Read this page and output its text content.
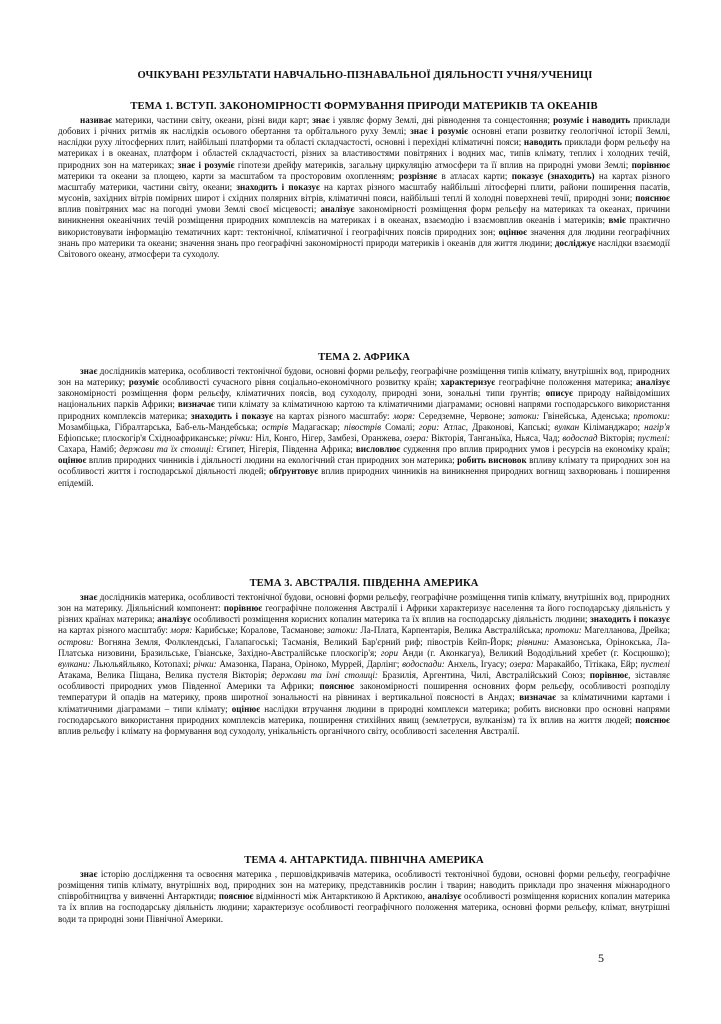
ОЧІКУВАНІ РЕЗУЛЬТАТИ НАВЧАЛЬНО-ПІЗНАВАЛЬНОЇ ДІЯЛЬНОСТІ УЧНЯ/УЧЕНИЦІ
ТЕМА 1. ВСТУП. ЗАКОНОМІРНОСТІ ФОРМУВАННЯ ПРИРОДИ МАТЕРИКІВ ТА ОКЕАНІВ

називає материки, частини світу, океани, різні види карт; знає і уявляє форму Землі, дні рівнодення та сонцестояння; розуміє і наводить приклади добових і річних ритмів як наслідків осьового обертання та орбітального руху Землі; знає і розуміє основні етапи розвитку геологічної історії Землі, наслідки руху літосферних плит, найбільші платформи та області складчастості, основні і перехідні кліматичні пояси; наводить приклади форм рельєфу на материках і в океанах, платформ і областей складчастості, різних за властивостями повітряних і водних мас, типів клімату, теплих і холодних течій, природних зон на материках; знає і розуміє гіпотези дрейфу материків, загальну циркуляцію атмосфери та її вплив на природні умови Землі; порівнює материки та океани за площею, карти за масштабом та просторовим охопленням; розрізняє в атласах карти; показує (знаходить) на картах різного масштабу материки, частини світу, океани; знаходить і показує на картах різного масштабу найбільші літосферні плити, райони поширення пасатів, мусонів, західних вітрів помірних широт і східних полярних вітрів, кліматичні пояси, найбільші теплі й холодні поверхневі течії, природні зони; пояснює вплив повітряних мас на погодні умови Землі своєї місцевості; аналізує закономірності розміщення форм рельєфу на материках та океанах, причини виникнення океанічних течій розміщення природних комплексів на материках і в океанах, взаємодію і взаємовплив океанів і материків; вміє практично використовувати інформацію тематичних карт: тектонічної, кліматичної і географічних поясів природних зон; оцінює значення для людини географічних знань про материки та океани; значення знань про географічні закономірності природи материків і океанів для життя людини; досліджує наслідки взаємодії Світового океану, атмосфери та суходолу.

ТЕМА 2. АФРИКА

знає дослідників материка, особливості тектонічної будови, основні форми рельєфу, географічне розміщення типів клімату, внутрішніх вод, природних зон на материку; розуміє особливості сучасного рівня соціально-економічного розвитку країн; характеризує географічне положення материка; аналізує закономірності розміщення форм рельєфу, кліматичних поясів, вод суходолу, природні зони, зональні типи ґрунтів; описує природу найвідоміших національних парків Африки; визначає типи клімату за кліматичною картою та кліматичними діаграмами; основні напрями господарського використання природних комплексів материка; знаходить і показує на картах різного масштабу: моря: Середземне, Червоне; затоки: Гвінейська, Аденська; протоки: Мозамбіцька, Гібралтарська, Баб-ель-Мандебська; острів Мадагаскар; півострів Сомалі; гори: Атлас, Драконові, Капські; вулкан Кіліманджаро; нагір'я Ефіопське; плоскогір'я Східноафриканське; річки: Ніл, Конго, Нігер, Замбезі, Оранжева, озера: Вікторія, Танганьїка, Ньяса, Чад; водоспад Вікторія; пустелі: Сахара, Наміб; держави та їх столиці: Єгипет, Нігерія, Південна Африка; висловлює судження про вплив природних умов і ресурсів на економіку країн; оцінює вплив природних чинників і діяльності людини на екологічний стан природних зон материка; робить висновок впливу клімату та природних зон на особливості життя і господарської діяльності людей; обґрунтовує вплив природних чинників на виникнення природних вогнищ захворювань і поширення епідемій.

ТЕМА 3. АВСТРАЛІЯ. ПІВДЕННА АМЕРИКА

знає дослідників материка, особливості тектонічної будови, основні форми рельєфу, географічне розміщення типів клімату, внутрішніх вод, природних зон на материку. Діяльнісний компонент: порівнює географічне положення Австралії і Африки характеризує населення та його господарську діяльність у різних країнах материка; аналізує особливості розміщення корисних копалин материка та їх вплив на господарську діяльність людини; знаходить і показує на картах різного масштабу: моря: Карибське; Коралове, Тасманове; затоки: Ла-Плата, Карпентарія, Велика Австралійська; протоки: Магелланова, Дрейка; острови: Вогняна Земля, Фолклендські, Галапагоські; Тасманія, Великий Бар'єрний риф; півострів Кейп-Йорк; рівнини: Амазонська, Орінокська, Ла-Платська низовини, Бразильське, Гвіанське, Західно-Австралійське плоскогір'я; гори Анди (г. Аконкагуа), Великий Вододільний хребет (г. Косцюшко); вулкани: Льюльяйльяко, Котопахі; річки: Амазонка, Парана, Оріноко, Муррей, Дарлінг; водоспади: Анхель, Ігуасу; озера: Маракайбо, Тітікака, Ейр; пустелі Атакама, Велика Піщана, Велика пустеля Вікторія; держави та їхні столиці: Бразилія, Аргентина, Чилі, Австралійський Союз; порівнює, зіставляє особливості природних умов Південної Америки та Африки; пояснює закономірності поширення основних форм рельєфу, особливості розподілу температури й опадів на материку, прояв широтної зональності на рівнинах і вертикальної поясності в Андах; визначає за кліматичними картами і кліматичними діаграмами – типи клімату; оцінює наслідки втручання людини в природні комплекси материка; робить висновки про основні напрями господарського використання природних комплексів материка, поширення стихійних явищ (землетруси, вулканізм) та їх вплив на життя людей; пояснює вплив рельєфу і клімату на формування вод суходолу, унікальність органічного світу, особливості заселення Австралії.

ТЕМА 4. АНТАРКТИДА. ПІВНІЧНА АМЕРИКА

знає історію дослідження та освоєння материка , першовідкривачів материка, особливості тектонічної будови, основні форми рельєфу, географічне розміщення типів клімату, внутрішніх вод, природних зон на материку, представників рослин і тварин; наводить приклади про значення міжнародного співробітництва у вивченні Антарктиди; пояснює відмінності між Антарктикою й Арктикою, аналізує особливості розміщення корисних копалин материка та їх вплив на господарську діяльність людини; характеризує особливості географічного положення материка, основні форми рельєфу, клімат, внутрішні води та природні зони Північної Америки.

5
